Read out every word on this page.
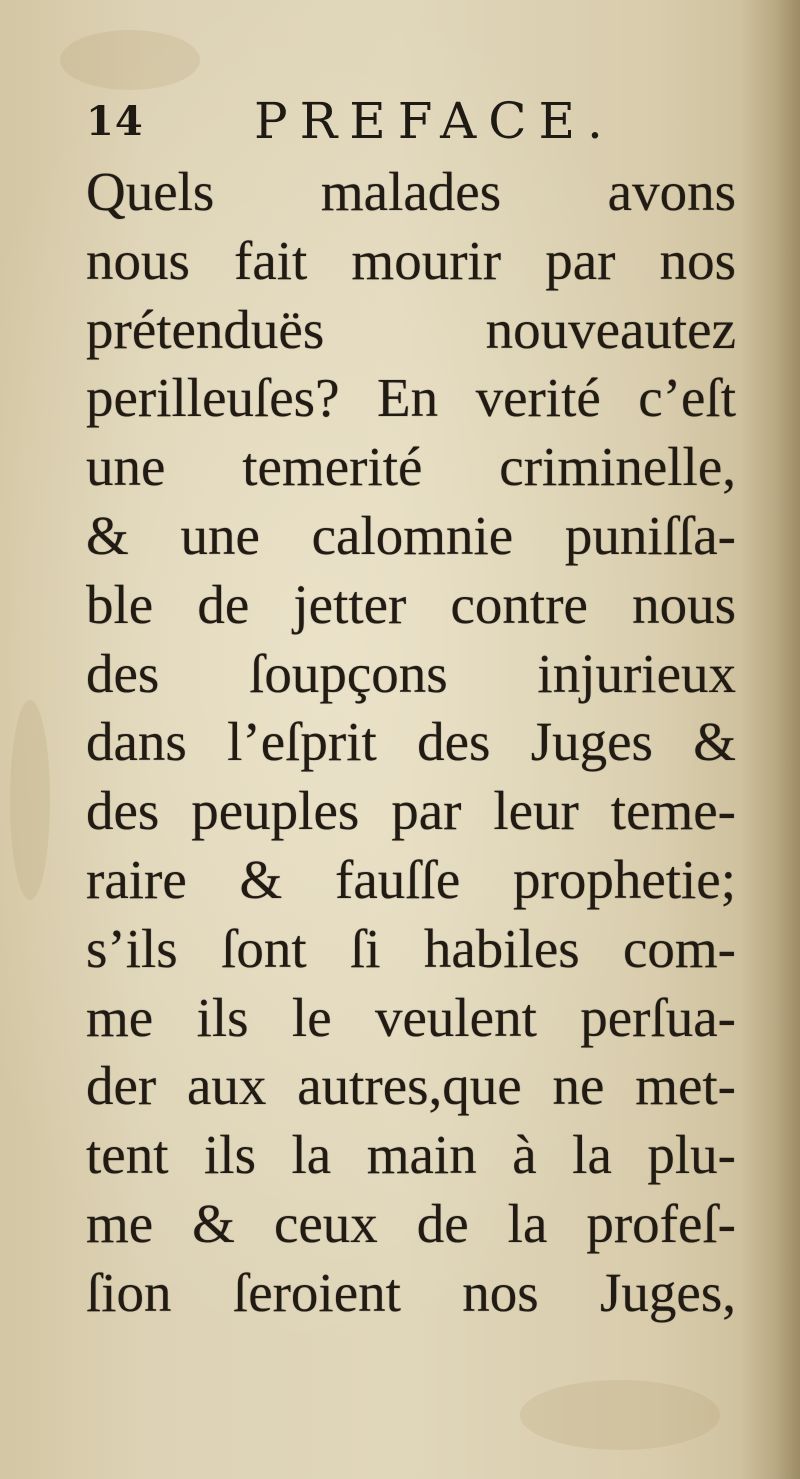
14 PREFACE.
Quels malades avons
nous fait mourir par nos
prétenduës nouveautez
perilleuſes? En verité c’eſt
une temerité criminelle,
& une calomnie puniſſa-
ble de jetter contre nous
des ſoupçons injurieux
dans l’eſprit des Juges &
des peuples par leur teme-
raire & fauſſe prophetie;
s’ils ſont ſi habiles com-
me ils le veulent perſua-
der aux autres,que ne met-
tent ils la main à la plu-
me & ceux de la profeſ-
ſion ſeroient nos Juges,
